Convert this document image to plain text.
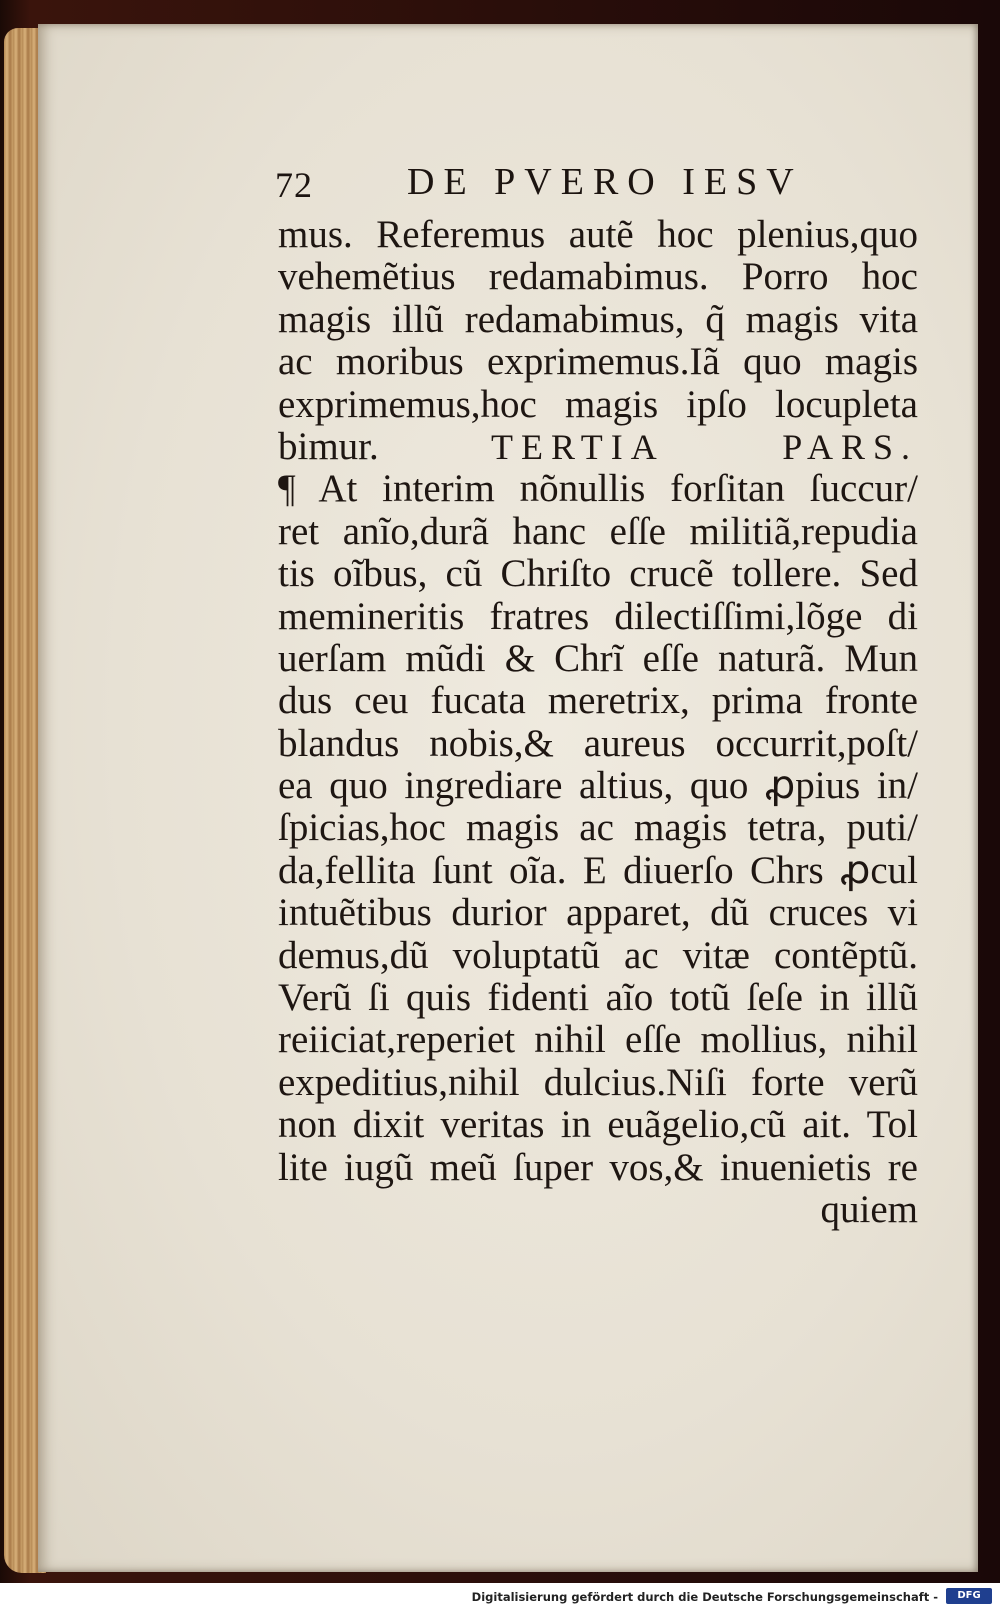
72 DE PVERO IESV
mus. Referemus autẽ hoc plenius,quo
vehemẽtius redamabimus. Porro hoc
magis illũ redamabimus, q̃ magis vita
ac moribus exprimemus.Iã quo magis
exprimemus,hoc magis ipſo locupleta
bimur.	TERTIA PARS.
¶ At interim nõnullis forſitan ſuccur/
ret anĩo,durã hanc eſſe militiã,repudia
tis oĩbus, cũ Chriſto crucẽ tollere. Sed
memineritis fratres dilectiſſimi,lõge di
uerſam mũdi & Chrĩ eſſe naturã. Mun
dus ceu fucata meretrix, prima fronte
blandus nobis,& aureus occurrit,poſt/
ea quo ingrediare altius, quo ꝓpius in/
ſpicias,hoc magis ac magis tetra, puti/
da,fellita ſunt oĩa. E diuerſo Chrs ꝓcul
intuẽtibus durior apparet, dũ cruces vi
demus,dũ voluptatũ ac vitæ contẽptũ.
Verũ ſi quis fidenti aĩo totũ ſeſe in illũ
reiiciat,reperiet nihil eſſe mollius, nihil
expeditius,nihil dulcius.Niſi forte verũ
non dixit veritas in euãgelio,cũ ait. Tol
lite iugũ meũ ſuper vos,& inuenietis re
quiem
Digitalisierung gefördert durch die Deutsche Forschungsgemeinschaft -	DFG
